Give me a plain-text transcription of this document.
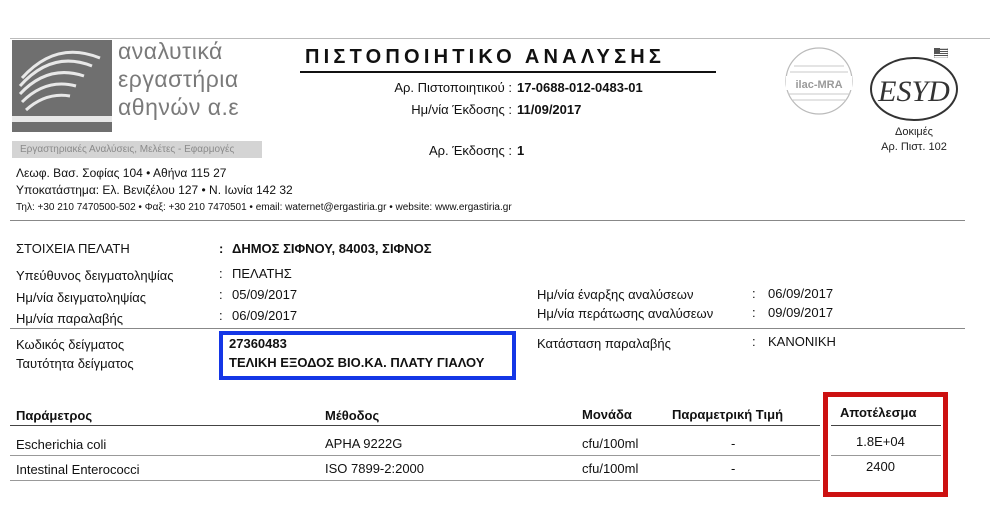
αναλυτικά
εργαστήρια
αθηνών α.ε
Εργαστηριακές Αναλύσεις, Μελέτες - Εφαρμογές
ΠΙΣΤΟΠΟΙΗΤΙΚΟ ΑΝΑΛΥΣΗΣ
Αρ. Πιστοποιητικού : 17-0688-012-0483-01
Ημ/νία Έκδοσης : 11/09/2017
Αρ. Έκδοσης : 1
ilac-MRA ESYD
Δοκιμές
Αρ. Πιστ. 102
Λεωφ. Βασ. Σοφίας 104 • Αθήνα 115 27
Υποκατάστημα: Ελ. Βενιζέλου 127 • Ν. Ιωνία 142 32
Τηλ: +30 210 7470500-502 • Φαξ: +30 210 7470501 • email: waternet@ergastiria.gr • website: www.ergastiria.gr
ΣΤΟΙΧΕΙΑ ΠΕΛΑΤΗ	: ΔΗΜΟΣ ΣΙΦΝΟΥ, 84003, ΣΙΦΝΟΣ
Υπεύθυνος δειγματοληψίας	: ΠΕΛΑΤΗΣ
Ημ/νία δειγματοληψίας	: 05/09/2017
Ημ/νία παραλαβής	: 06/09/2017
Ημ/νία έναρξης αναλύσεων	: 06/09/2017
Ημ/νία περάτωσης αναλύσεων	: 09/09/2017
Κωδικός δείγματος	27360483
Ταυτότητα δείγματος	ΤΕΛΙΚΗ ΕΞΟΔΟΣ ΒΙΟ.ΚΑ. ΠΛΑΤΥ ΓΙΑΛΟΥ
Κατάσταση παραλαβής	: ΚΑΝΟΝΙΚΗ
Παράμετρος	Μέθοδος	Μονάδα	Παραμετρική Τιμή	Αποτέλεσμα
Escherichia coli	APHA 9222G	cfu/100ml	-	1.8E+04
Intestinal Enterococci	ISO 7899-2:2000	cfu/100ml	-	2400
